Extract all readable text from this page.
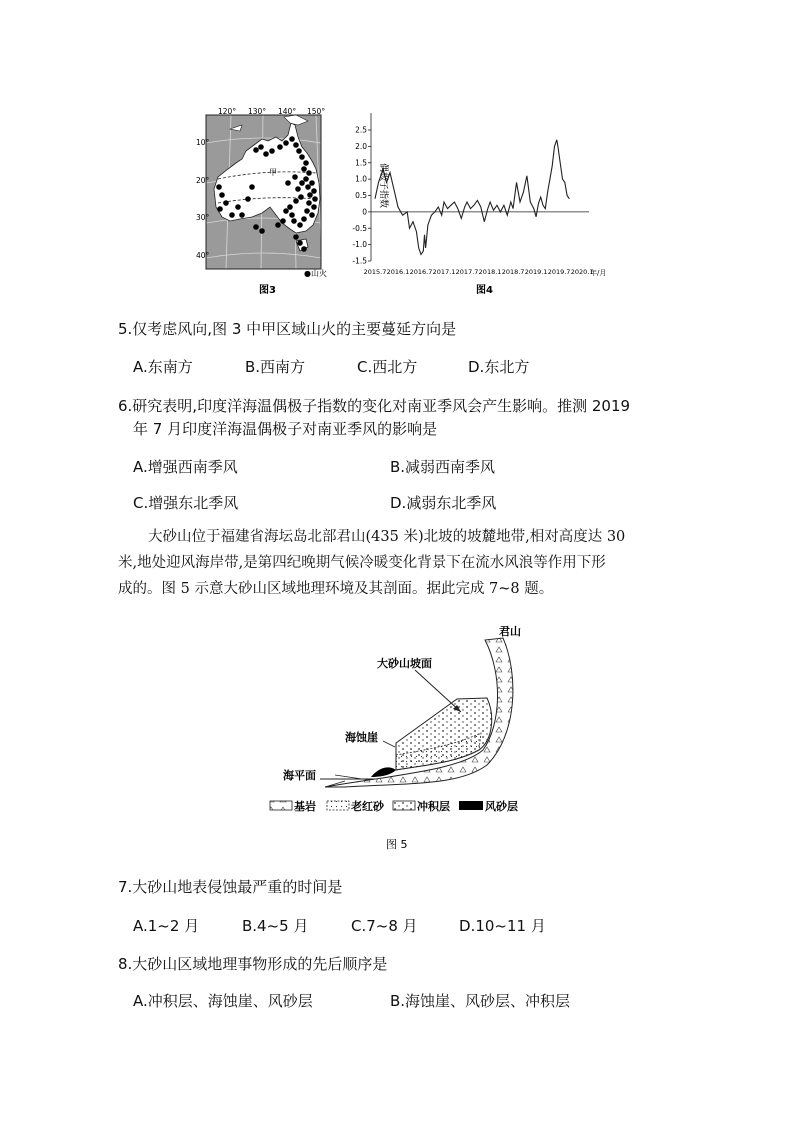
120° 130° 140° 150°
10°
20°
30°
40°
甲
●山火
图3
2.5
2.0
1.5
1.0
0.5
0
-0.5
-1.0
-1.5
2015.7 2016.1 2016.7 2017.1 2017.7 2018.1 2018.7 2019.1 2019.7 2020.1
偶极子指数
年/月
图4
5.仅考虑风向,图 3 中甲区域山火的主要蔓延方向是
A.东南方	B.西南方	C.西北方	D.东北方
6.研究表明,印度洋海温偶极子指数的变化对南亚季风会产生影响。推测 2019
年 7 月印度洋海温偶极子对南亚季风的影响是
A.增强西南季风	B.减弱西南季风
C.增强东北季风	D.减弱东北季风
大砂山位于福建省海坛岛北部君山(435 米)北坡的坡麓地带,相对高度达 30
米,地处迎风海岸带,是第四纪晚期气候冷暖变化背景下在流水风浪等作用下形
成的。图 5 示意大砂山区域地理环境及其剖面。据此完成 7~8 题。
君山
大砂山坡面
海蚀崖
海平面
基岩	老红砂	冲积层	风砂层
图 5
7.大砂山地表侵蚀最严重的时间是
A.1~2 月	B.4~5 月	C.7~8 月	D.10~11 月
8.大砂山区域地理事物形成的先后顺序是
A.冲积层、海蚀崖、风砂层	B.海蚀崖、风砂层、冲积层
